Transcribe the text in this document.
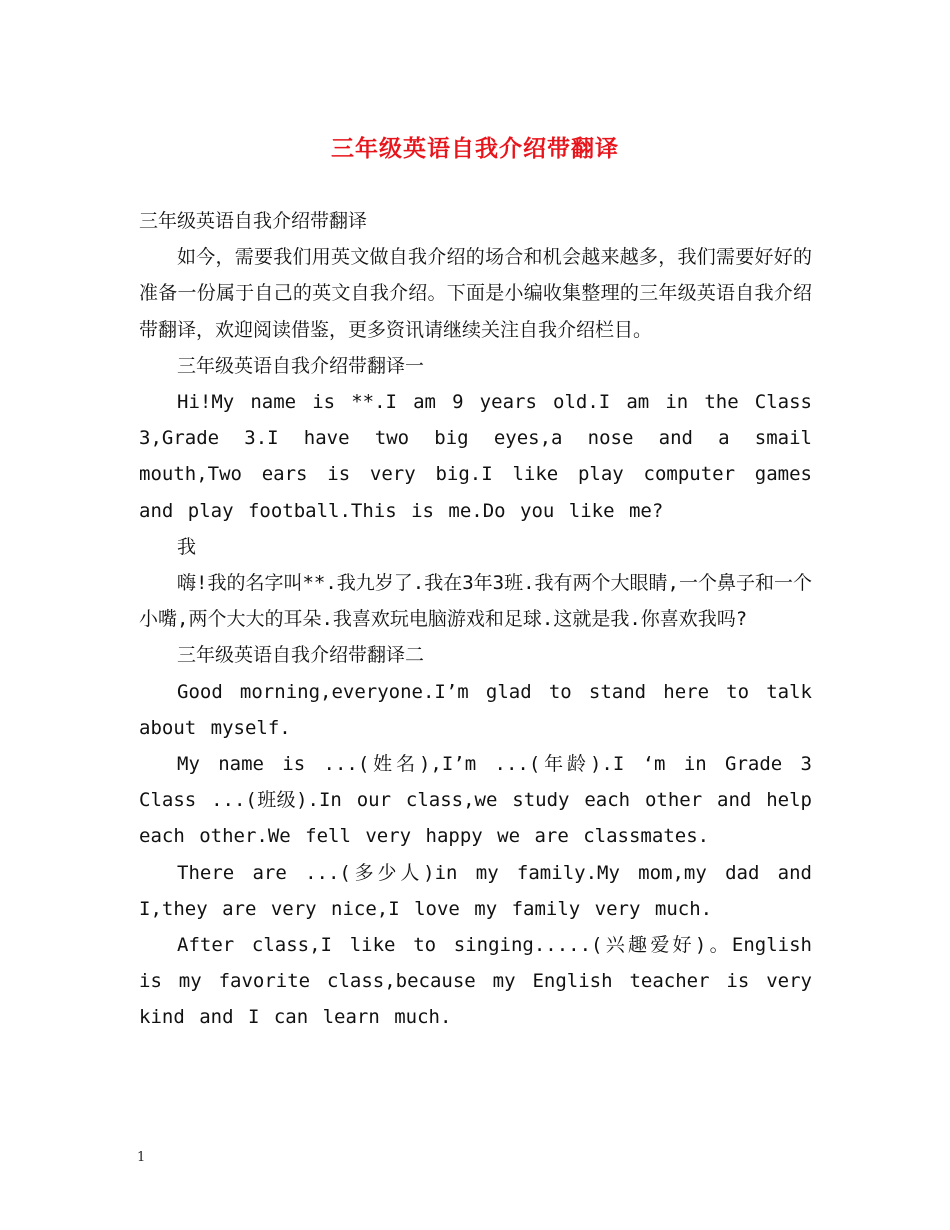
三年级英语自我介绍带翻译

三年级英语自我介绍带翻译

如今，需要我们用英文做自我介绍的场合和机会越来越多，我们需要好好的准备一份属于自己的英文自我介绍。下面是小编收集整理的三年级英语自我介绍带翻译，欢迎阅读借鉴，更多资讯请继续关注自我介绍栏目。

三年级英语自我介绍带翻译一

Hi!My name is **.I am 9 years old.I am in the Class 3,Grade 3.I have two big eyes,a nose and a smail mouth,Two ears is very big.I like play computer games and play football.This is me.Do you like me?

我

嗨!我的名字叫**.我九岁了.我在3年3班.我有两个大眼睛,一个鼻子和一个小嘴,两个大大的耳朵.我喜欢玩电脑游戏和足球.这就是我.你喜欢我吗?

三年级英语自我介绍带翻译二

Good morning,everyone.I’m glad to stand here to talk about myself.

My name is ...(姓名),I’m ...(年龄).I ‘m in Grade 3 Class ...(班级).In our class,we study each other and help each other.We fell very happy we are classmates.

There are ...(多少人)in my family.My mom,my dad and I,they are very nice,I love my family very much.

After class,I like to singing.....(兴趣爱好)。English is my favorite class,because my English teacher is very kind and I can learn much.

1
